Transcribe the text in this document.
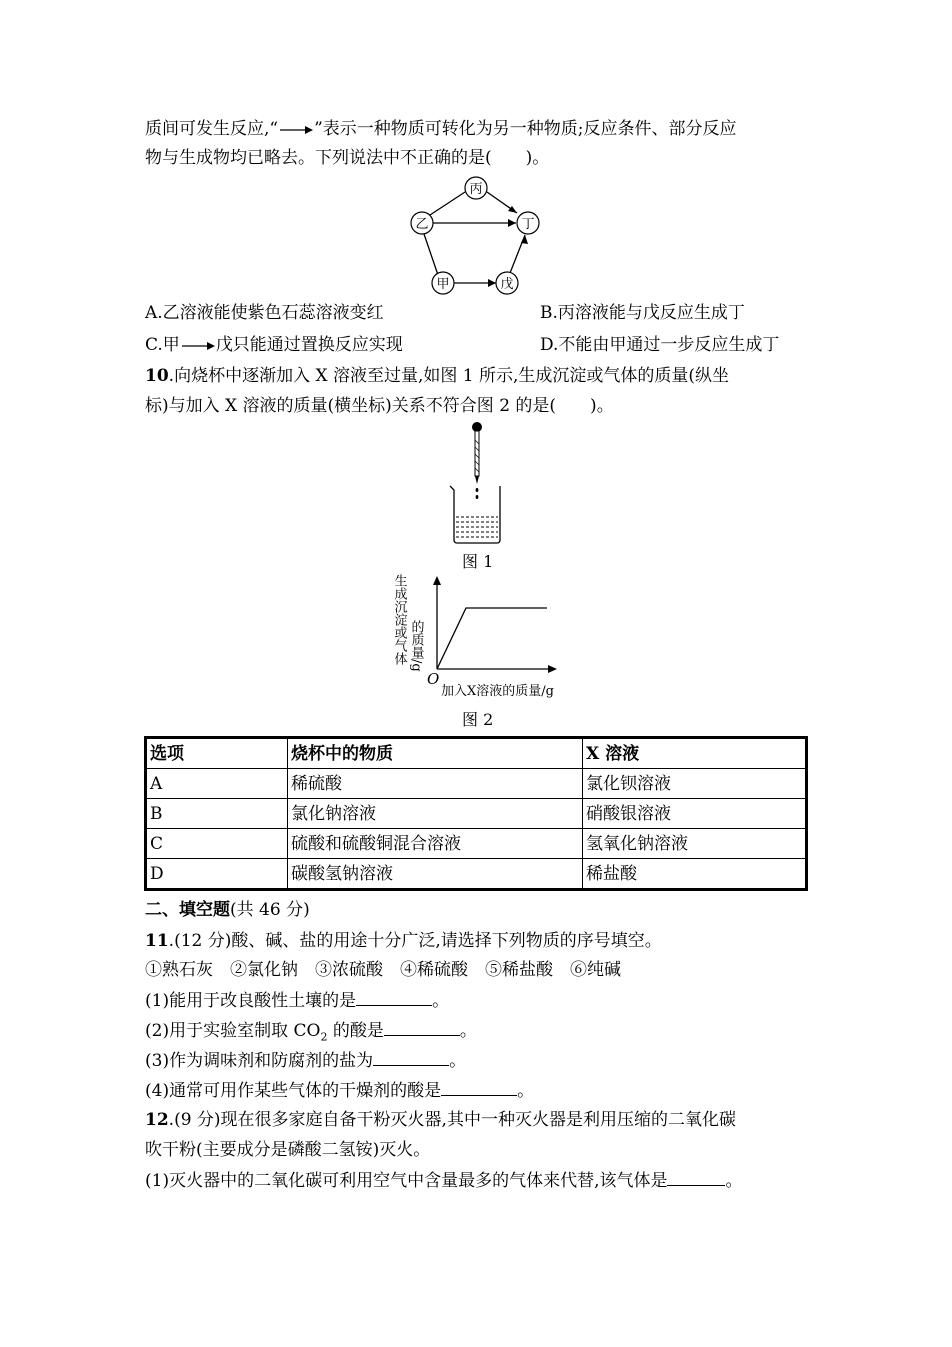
质间可发生反应,“ ”表示一种物质可转化为另一种物质;反应条件、部分反应
物与生成物均已略去。下列说法中不正确的是(　　)。
丙
乙	丁
甲	戊
A.乙溶液能使紫色石蕊溶液变红	B.丙溶液能与戊反应生成丁
C.甲 戊只能通过置换反应实现	D.不能由甲通过一步反应生成丁
10.向烧杯中逐渐加入 X 溶液至过量,如图 1 所示,生成沉淀或气体的质量(纵坐
标)与加入 X 溶液的质量(横坐标)关系不符合图 2 的是(　　)。
图 1
生成沉淀或气体 的质量/g
O
加入X溶液的质量/g
图 2
选项	烧杯中的物质	X 溶液
A	稀硫酸	氯化钡溶液
B	氯化钠溶液	硝酸银溶液
C	硫酸和硫酸铜混合溶液	氢氧化钠溶液
D	碳酸氢钠溶液	稀盐酸
二、填空题(共 46 分)
11.(12 分)酸、碱、盐的用途十分广泛,请选择下列物质的序号填空。
①熟石灰　②氯化钠　③浓硫酸　④稀硫酸　⑤稀盐酸　⑥纯碱
(1)能用于改良酸性土壤的是	。
(2)用于实验室制取 $CO_2$ 的酸是	。
(3)作为调味剂和防腐剂的盐为	。
(4)通常可用作某些气体的干燥剂的酸是	。
12.(9 分)现在很多家庭自备干粉灭火器,其中一种灭火器是利用压缩的二氧化碳
吹干粉(主要成分是磷酸二氢铵)灭火。
(1)灭火器中的二氧化碳可利用空气中含量最多的气体来代替,该气体是	。
